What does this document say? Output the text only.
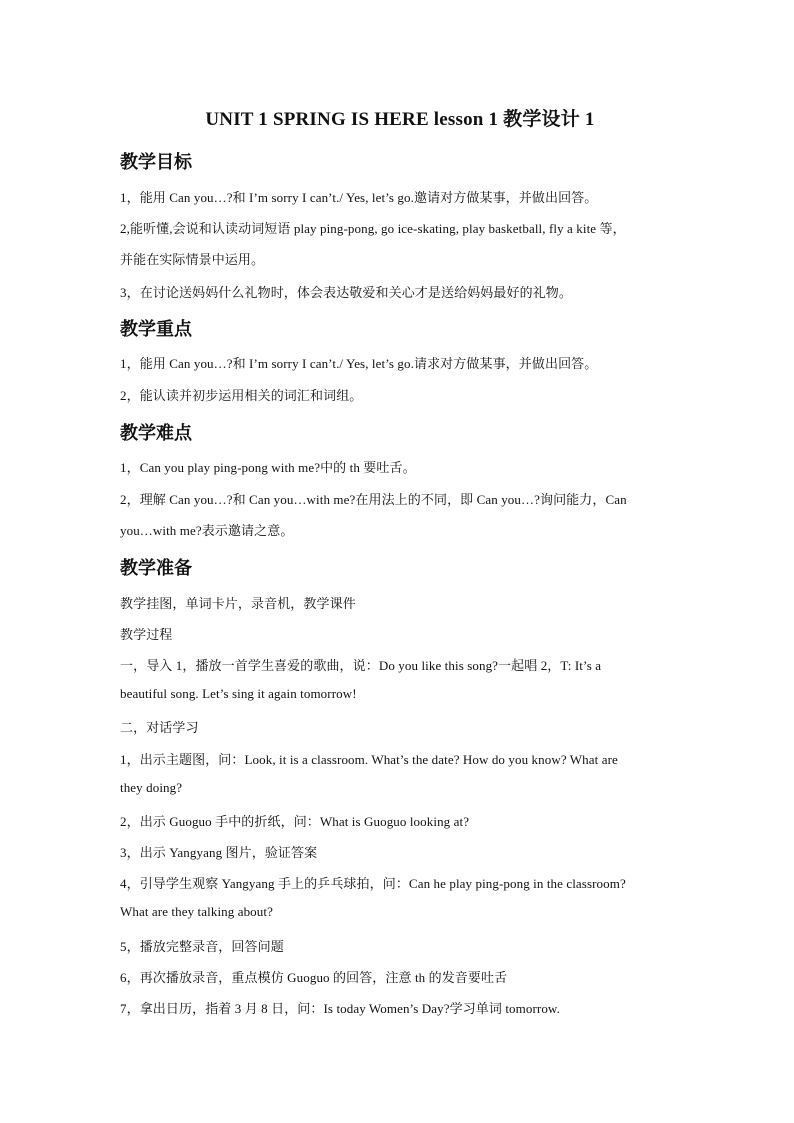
UNIT 1 SPRING IS HERE lesson 1 教学设计 1
教学目标
1，能用 Can you…?和 I’m sorry I can’t./ Yes, let’s go.邀请对方做某事，并做出回答。
2,能听懂,会说和认读动词短语 play ping-pong, go ice-skating, play basketball, fly a kite 等，
并能在实际情景中运用。
3，在讨论送妈妈什么礼物时，体会表达敬爱和关心才是送给妈妈最好的礼物。
教学重点
1，能用 Can you…?和 I’m sorry I can’t./ Yes, let’s go.请求对方做某事，并做出回答。
2，能认读并初步运用相关的词汇和词组。
教学难点
1，Can you play ping-pong with me?中的 th 要吐舌。
2，理解 Can you…?和 Can you…with me?在用法上的不同，即 Can you…?询问能力，Can
you…with me?表示邀请之意。
教学准备
教学挂图，单词卡片，录音机，教学课件
教学过程
一，导入 1，播放一首学生喜爱的歌曲，说：Do you like this song?一起唱 2，T: It’s a
beautiful song. Let’s sing it again tomorrow!
二，对话学习
1，出示主题图，问：Look, it is a classroom. What’s the date? How do you know? What are
they doing?
2，出示 Guoguo 手中的折纸，问：What is Guoguo looking at?
3，出示 Yangyang 图片，验证答案
4，引导学生观察 Yangyang 手上的乒乓球拍，问：Can he play ping-pong in the classroom?
What are they talking about?
5，播放完整录音，回答问题
6，再次播放录音，重点模仿 Guoguo 的回答，注意 th 的发音要吐舌
7，拿出日历，指着 3 月 8 日，问：Is today Women’s Day?学习单词 tomorrow.
